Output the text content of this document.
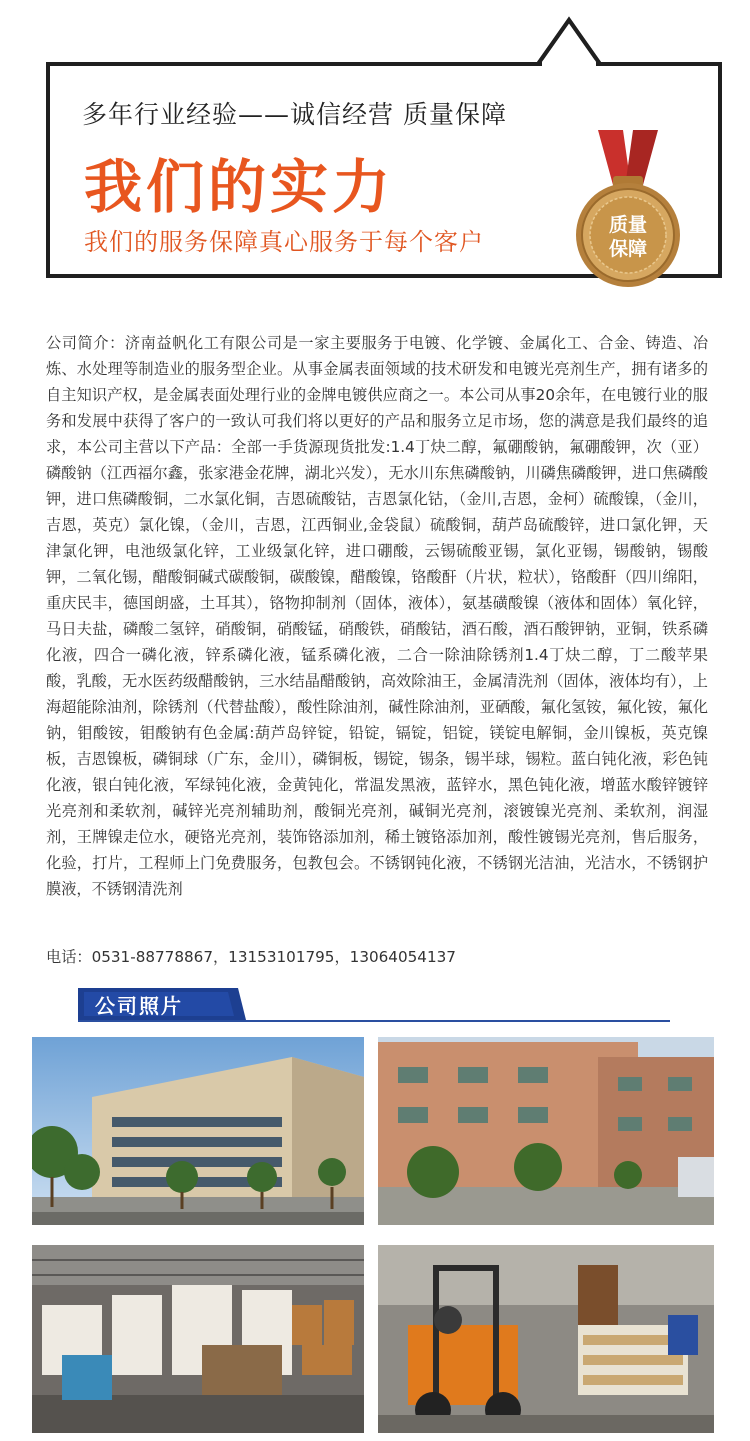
多年行业经验——诚信经营 质量保障
我们的实力
我们的服务保障真心服务于每个客户
质量
保障

公司简介：济南益帆化工有限公司是一家主要服务于电镀、化学镀、金属化工、合金、铸造、冶炼、水处理等制造业的服务型企业。从事金属表面领域的技术研发和电镀光亮剂生产，拥有诸多的自主知识产权，是金属表面处理行业的金牌电镀供应商之一。本公司从事20余年，在电镀行业的服务和发展中获得了客户的一致认可我们将以更好的产品和服务立足市场，您的满意是我们最终的追求，本公司主营以下产品：全部一手货源现货批发:1.4丁炔二醇，氟硼酸钠，氟硼酸钾，次（亚）磷酸钠（江西福尔鑫，张家港金花牌，湖北兴发），无水川东焦磷酸钠，川磷焦磷酸钾，进口焦磷酸钾，进口焦磷酸铜，二水氯化铜，吉恩硫酸钴，吉恩氯化钴，（金川,吉恩，金柯）硫酸镍，（金川，吉恩，英克）氯化镍，（金川，吉恩，江西铜业,金袋鼠）硫酸铜，葫芦岛硫酸锌，进口氯化钾，天津氯化钾，电池级氯化锌，工业级氯化锌，进口硼酸，云锡硫酸亚锡，氯化亚锡，锡酸钠，锡酸钾，二氧化锡，醋酸铜碱式碳酸铜，碳酸镍，醋酸镍，铬酸酐（片状，粒状），铬酸酐（四川绵阳，重庆民丰，德国朗盛，土耳其），铬物抑制剂（固体，液体），氨基磺酸镍（液体和固体）氧化锌，马日夫盐，磷酸二氢锌，硝酸铜，硝酸锰，硝酸铁，硝酸钴，酒石酸，酒石酸钾钠，亚铜，铁系磷化液，四合一磷化液，锌系磷化液，锰系磷化液，二合一除油除锈剂1.4丁炔二醇，丁二酸苹果酸，乳酸，无水医药级醋酸钠，三水结晶醋酸钠，高效除油王，金属清洗剂（固体，液体均有），上海超能除油剂，除锈剂（代替盐酸），酸性除油剂，碱性除油剂，亚硒酸，氟化氢铵，氟化铵，氟化钠，钼酸铵，钼酸钠有色金属:葫芦岛锌锭，铅锭，镉锭，铝锭，镁锭电解铜，金川镍板，英克镍板，吉恩镍板，磷铜球（广东，金川），磷铜板，锡锭，锡条，锡半球，锡粒。蓝白钝化液，彩色钝化液，银白钝化液，军绿钝化液，金黄钝化，常温发黑液，蓝锌水，黑色钝化液，增蓝水酸锌镀锌光亮剂和柔软剂，碱锌光亮剂辅助剂，酸铜光亮剂，碱铜光亮剂，滚镀镍光亮剂、柔软剂，润湿剂，王牌镍走位水，硬铬光亮剂，装饰铬添加剂，稀土镀铬添加剂，酸性镀锡光亮剂，售后服务，化验，打片，工程师上门免费服务，包教包会。不锈钢钝化液，不锈钢光洁油，光洁水，不锈钢护膜液，不锈钢清洗剂

电话：0531-88778867，13153101795，13064054137
公司照片
